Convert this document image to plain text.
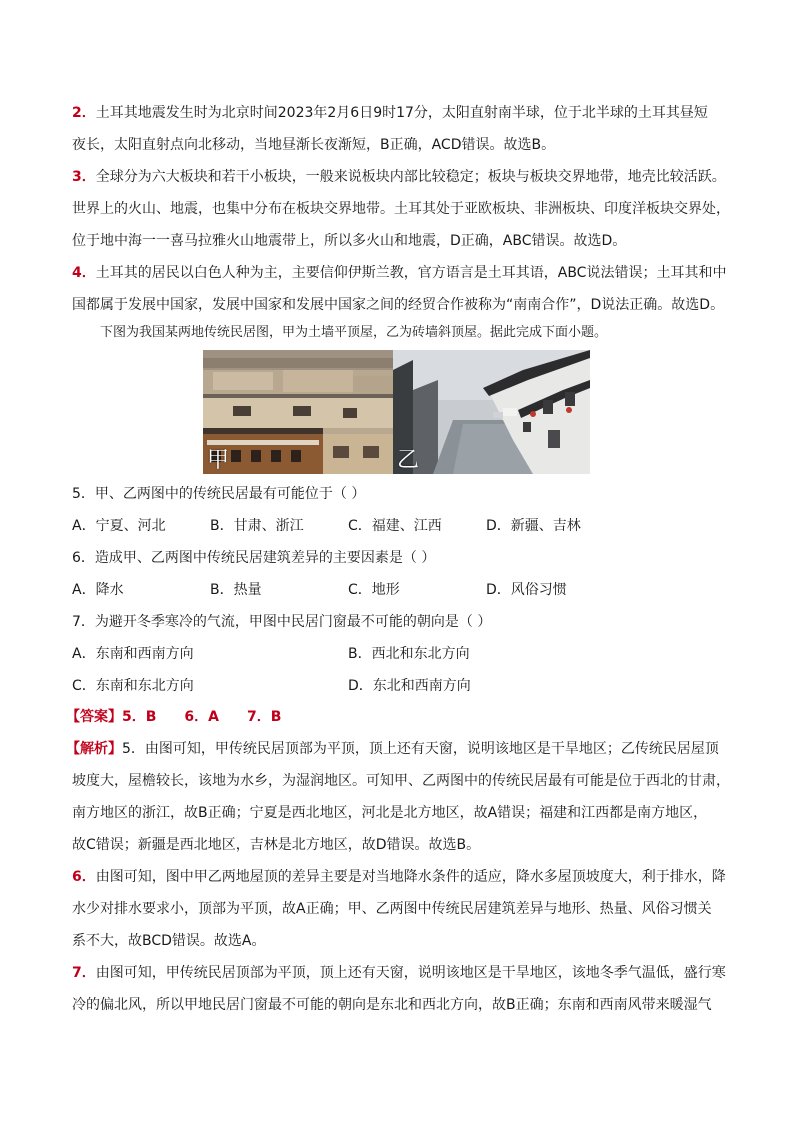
2．土耳其地震发生时为北京时间2023年2月6日9时17分，太阳直射南半球，位于北半球的土耳其昼短
夜长，太阳直射点向北移动，当地昼渐长夜渐短，B正确，ACD错误。故选B。
3．全球分为六大板块和若干小板块，一般来说板块内部比较稳定；板块与板块交界地带，地壳比较活跃。
世界上的火山、地震，也集中分布在板块交界地带。土耳其处于亚欧板块、非洲板块、印度洋板块交界处，
位于地中海一一喜马拉雅火山地震带上，所以多火山和地震，D正确，ABC错误。故选D。
4．土耳其的居民以白色人种为主，主要信仰伊斯兰教，官方语言是土耳其语，ABC说法错误；土耳其和中
国都属于发展中国家，发展中国家和发展中国家之间的经贸合作被称为“南南合作”，D说法正确。故选D。
下图为我国某两地传统民居图，甲为土墙平顶屋，乙为砖墙斜顶屋。据此完成下面小题。
甲	乙
5．甲、乙两图中的传统民居最有可能位于（ ）
A．宁夏、河北	B．甘肃、浙江	C．福建、江西	D．新疆、吉林
6．造成甲、乙两图中传统民居建筑差异的主要因素是（ ）
A．降水	B．热量	C．地形	D．风俗习惯
7．为避开冬季寒冷的气流，甲图中民居门窗最不可能的朝向是（ ）
A．东南和西南方向	B．西北和东北方向
C．东南和东北方向	D．东北和西南方向
【答案】5．B　　6．A　　7．B
【解析】5．由图可知，甲传统民居顶部为平顶，顶上还有天窗，说明该地区是干旱地区；乙传统民居屋顶
坡度大，屋檐较长，该地为水乡，为湿润地区。可知甲、乙两图中的传统民居最有可能是位于西北的甘肃，
南方地区的浙江，故B正确；宁夏是西北地区，河北是北方地区，故A错误；福建和江西都是南方地区，
故C错误；新疆是西北地区，吉林是北方地区，故D错误。故选B。
6．由图可知，图中甲乙两地屋顶的差异主要是对当地降水条件的适应，降水多屋顶坡度大，利于排水，降
水少对排水要求小，顶部为平顶，故A正确；甲、乙两图中传统民居建筑差异与地形、热量、风俗习惯关
系不大，故BCD错误。故选A。
7．由图可知，甲传统民居顶部为平顶，顶上还有天窗，说明该地区是干旱地区，该地冬季气温低，盛行寒
冷的偏北风，所以甲地民居门窗最不可能的朝向是东北和西北方向，故B正确；东南和西南风带来暖湿气
